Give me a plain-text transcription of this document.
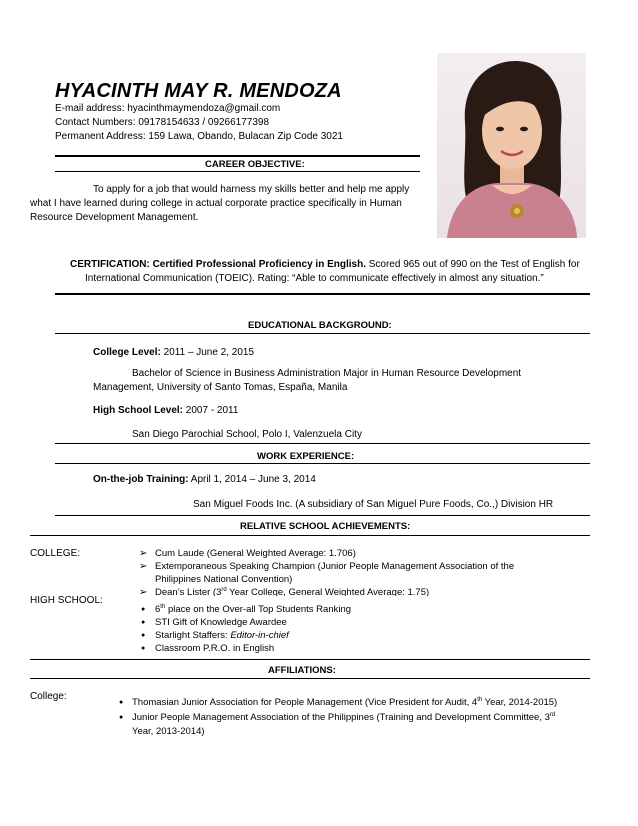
HYACINTH MAY R. MENDOZA
E-mail address: hyacinthmaymendoza@gmail.com
Contact Numbers: 09178154633 / 09266177398
Permanent Address: 159 Lawa, Obando, Bulacan Zip Code 3021
CAREER OBJECTIVE:
To apply for a job that would harness my skills better and help me apply
what I have learned during college in actual corporate practice specifically in Human
Resource Development Management.
CERTIFICATION: Certified Professional Proficiency in English. Scored 965 out of 990 on the Test of English for
International Communication (TOEIC). Rating: “Able to communicate effectively in almost any situation.”
EDUCATIONAL BACKGROUND:
College Level: 2011 – June 2, 2015
Bachelor of Science in Business Administration Major in Human Resource Development
Management, University of Santo Tomas, España, Manila
High School Level: 2007 - 2011
San Diego Parochial School, Polo I, Valenzuela City
WORK EXPERIENCE:
On-the-job Training: April 1, 2014 – June 3, 2014
San Miguel Foods Inc. (A subsidiary of San Miguel Pure Foods, Co.,) Division HR
RELATIVE SCHOOL ACHIEVEMENTS:
COLLEGE:
➢	Cum Laude (General Weighted Average: 1.706)
➢ Extemporaneous Speaking Champion (Junior People Management Association of the
Philippines National Convention)
➢ Dean’s Lister (3rd Year College, General Weighted Average: 1.75)
HIGH SCHOOL:
● 6th place on the Over-all Top Students Ranking
● STI Gift of Knowledge Awardee
● Starlight Staffers: Editor-in-chief
● Classroom P.R.O. in English
AFFILIATIONS:
College:
● Thomasian Junior Association for People Management (Vice President for Audit, 4th Year, 2014-2015)
● Junior People Management Association of the Philippines (Training and Development Committee, 3rd
Year, 2013-2014)
